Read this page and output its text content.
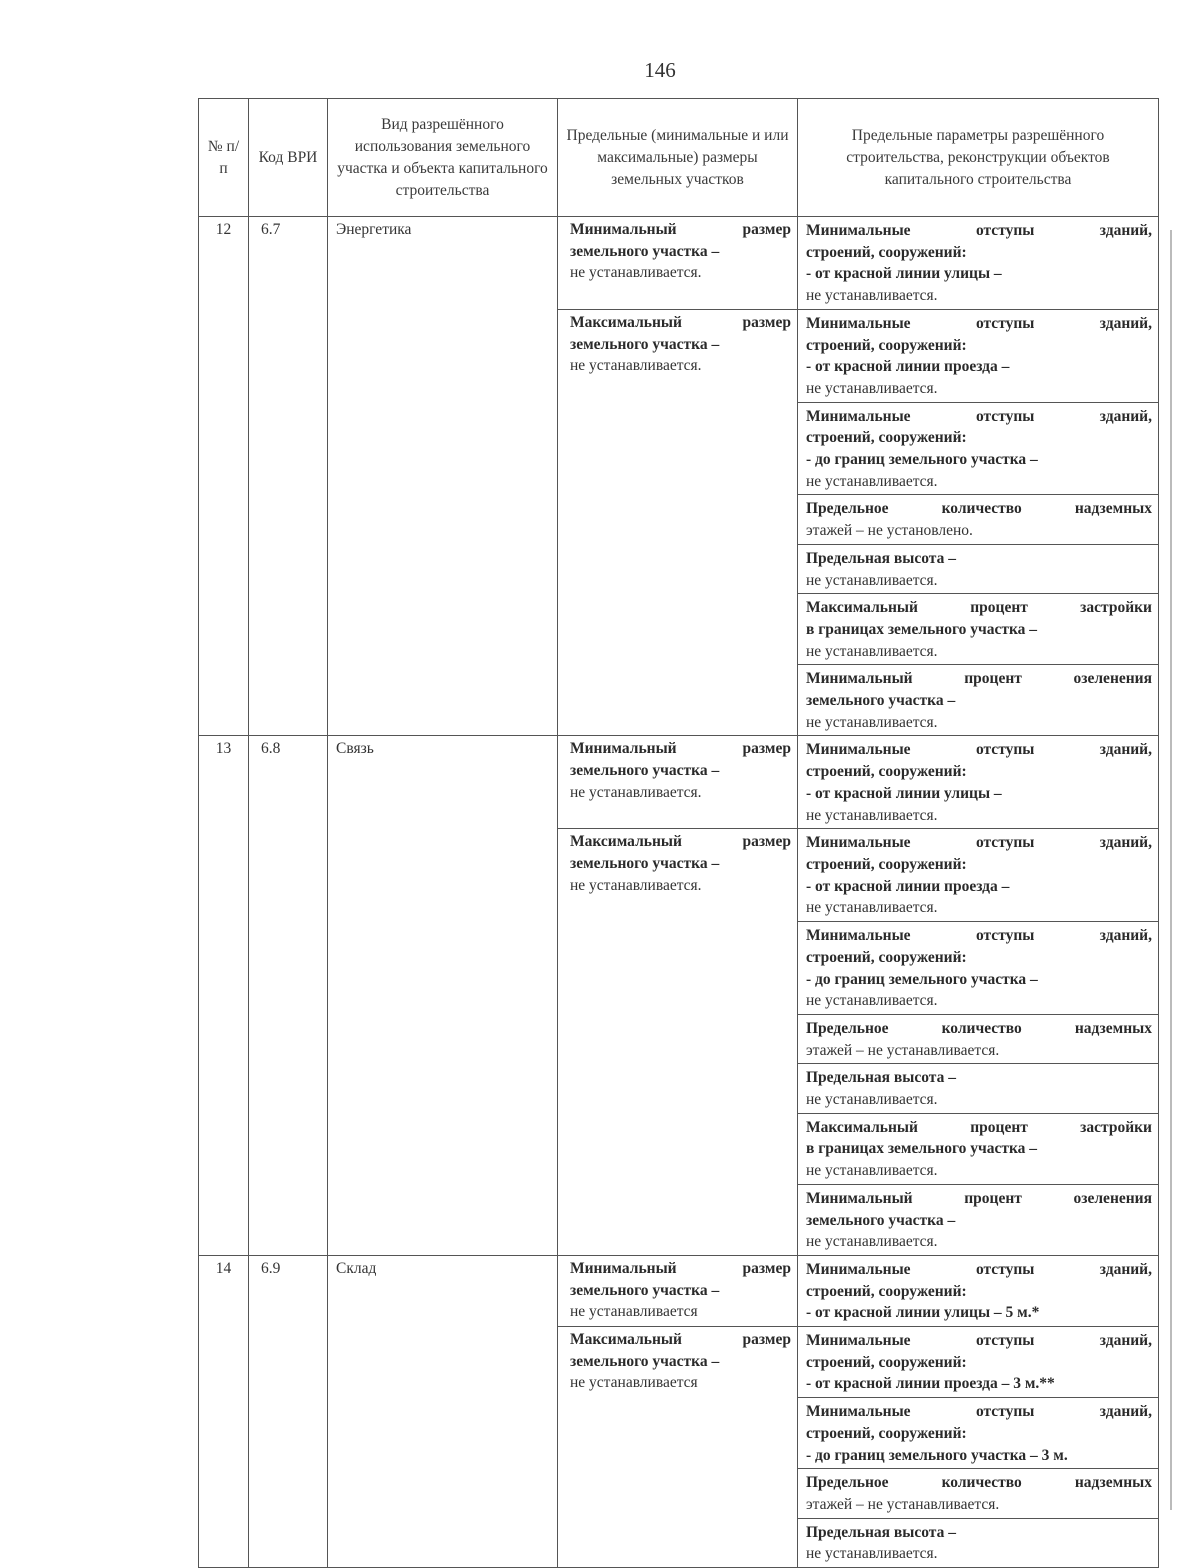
146
№ п/п	Код ВРИ	Вид разрешённого использования земельного участка и объекта капитального строительства	Предельные (минимальные и или максимальные) размеры земельных участков	Предельные параметры разрешённого строительства, реконструкции объектов капитального строительства
12	6.7	Энергетика	Минимальный размер
земельного участка –
не устанавливается.	Минимальные отступы зданий,
строений, сооружений:
- от красной линии улицы –
не устанавливается.

			Максимальный размер
земельного участка –
не устанавливается.	Минимальные отступы зданий,
строений, сооружений:
- от красной линии проезда –
не устанавливается.

				Минимальные отступы зданий,
строений, сооружений:
- до границ земельного участка –
не устанавливается.

				Предельное количество надземных
этажей – не установлено.

				Предельная высота –
не устанавливается.

				Максимальный процент застройки
в границах земельного участка –
не устанавливается.

				Минимальный процент озеленения
земельного участка –
не устанавливается.

13	6.8	Связь	Минимальный размер
земельного участка –
не устанавливается.	Минимальные отступы зданий,
строений, сооружений:
- от красной линии улицы –
не устанавливается.

			Максимальный размер
земельного участка –
не устанавливается.	Минимальные отступы зданий,
строений, сооружений:
- от красной линии проезда –
не устанавливается.

				Минимальные отступы зданий,
строений, сооружений:
- до границ земельного участка –
не устанавливается.

				Предельное количество надземных
этажей – не устанавливается.

				Предельная высота –
не устанавливается.

				Максимальный процент застройки
в границах земельного участка –
не устанавливается.

				Минимальный процент озеленения
земельного участка –
не устанавливается.

14	6.9	Склад	Минимальный размер
земельного участка –
не устанавливается	Минимальные отступы зданий,
строений, сооружений:
- от красной линии улицы – 5 м.*

			Максимальный размер
земельного участка –
не устанавливается	Минимальные отступы зданий,
строений, сооружений:
- от красной линии проезда – 3 м.**

				Минимальные отступы зданий,
строений, сооружений:
- до границ земельного участка – 3 м.

				Предельное количество надземных
этажей – не устанавливается.

				Предельная высота –
не устанавливается.
